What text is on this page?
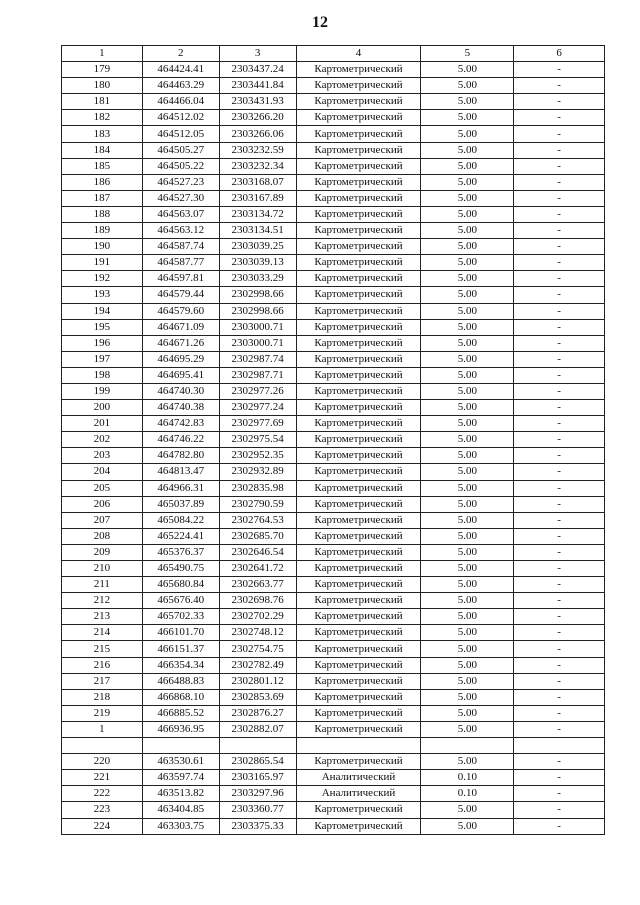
12
1	2	3	4	5	6
179	464424.41	2303437.24	Картометрический	5.00	-
180	464463.29	2303441.84	Картометрический	5.00	-
181	464466.04	2303431.93	Картометрический	5.00	-
182	464512.02	2303266.20	Картометрический	5.00	-
183	464512.05	2303266.06	Картометрический	5.00	-
184	464505.27	2303232.59	Картометрический	5.00	-
185	464505.22	2303232.34	Картометрический	5.00	-
186	464527.23	2303168.07	Картометрический	5.00	-
187	464527.30	2303167.89	Картометрический	5.00	-
188	464563.07	2303134.72	Картометрический	5.00	-
189	464563.12	2303134.51	Картометрический	5.00	-
190	464587.74	2303039.25	Картометрический	5.00	-
191	464587.77	2303039.13	Картометрический	5.00	-
192	464597.81	2303033.29	Картометрический	5.00	-
193	464579.44	2302998.66	Картометрический	5.00	-
194	464579.60	2302998.66	Картометрический	5.00	-
195	464671.09	2303000.71	Картометрический	5.00	-
196	464671.26	2303000.71	Картометрический	5.00	-
197	464695.29	2302987.74	Картометрический	5.00	-
198	464695.41	2302987.71	Картометрический	5.00	-
199	464740.30	2302977.26	Картометрический	5.00	-
200	464740.38	2302977.24	Картометрический	5.00	-
201	464742.83	2302977.69	Картометрический	5.00	-
202	464746.22	2302975.54	Картометрический	5.00	-
203	464782.80	2302952.35	Картометрический	5.00	-
204	464813.47	2302932.89	Картометрический	5.00	-
205	464966.31	2302835.98	Картометрический	5.00	-
206	465037.89	2302790.59	Картометрический	5.00	-
207	465084.22	2302764.53	Картометрический	5.00	-
208	465224.41	2302685.70	Картометрический	5.00	-
209	465376.37	2302646.54	Картометрический	5.00	-
210	465490.75	2302641.72	Картометрический	5.00	-
211	465680.84	2302663.77	Картометрический	5.00	-
212	465676.40	2302698.76	Картометрический	5.00	-
213	465702.33	2302702.29	Картометрический	5.00	-
214	466101.70	2302748.12	Картометрический	5.00	-
215	466151.37	2302754.75	Картометрический	5.00	-
216	466354.34	2302782.49	Картометрический	5.00	-
217	466488.83	2302801.12	Картометрический	5.00	-
218	466868.10	2302853.69	Картометрический	5.00	-
219	466885.52	2302876.27	Картометрический	5.00	-
1	466936.95	2302882.07	Картометрический	5.00	-

220	463530.61	2302865.54	Картометрический	5.00	-
221	463597.74	2303165.97	Аналитический	0.10	-
222	463513.82	2303297.96	Аналитический	0.10	-
223	463404.85	2303360.77	Картометрический	5.00	-
224	463303.75	2303375.33	Картометрический	5.00	-
